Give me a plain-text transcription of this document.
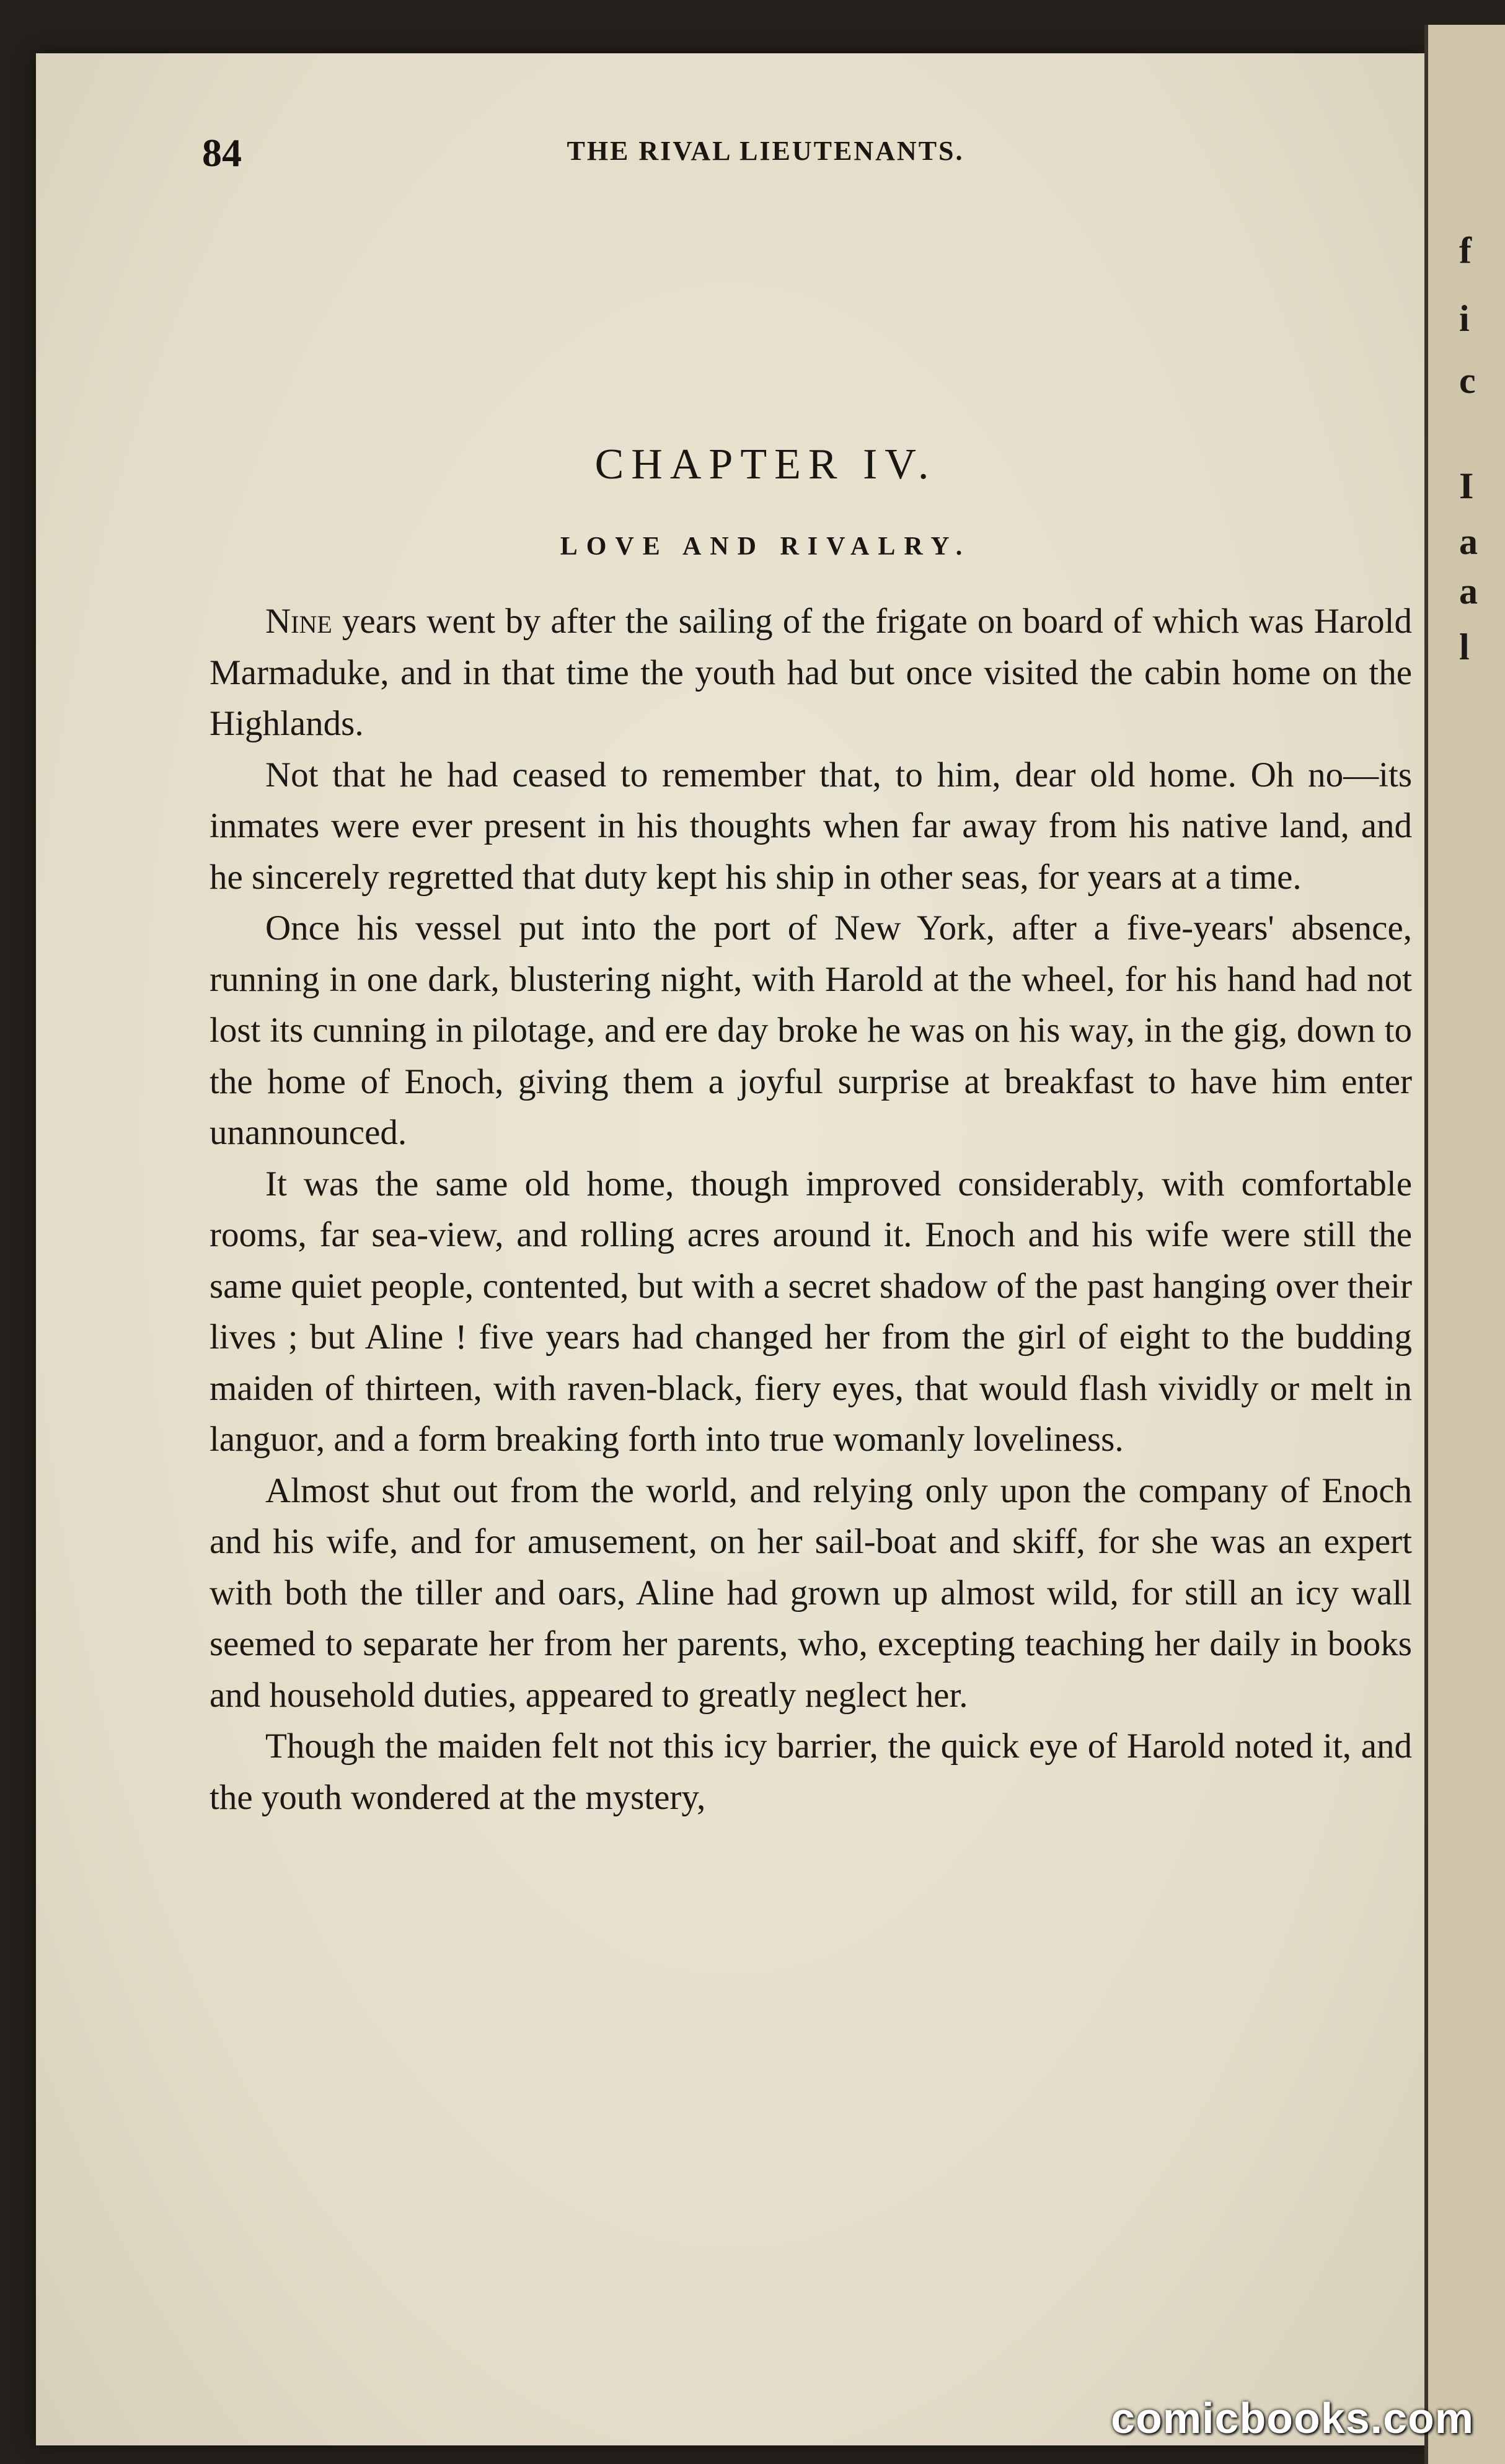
f
i
c
I
a
a
l
84	THE RIVAL LIEUTENANTS.
CHAPTER IV.
LOVE AND RIVALRY.

Nine years went by after the sailing of the frigate on board of which was Harold Marmaduke, and in that time the youth had but once visited the cabin home on the Highlands.

Not that he had ceased to remember that, to him, dear old home. Oh no—its inmates were ever present in his thoughts when far away from his native land, and he sincerely regretted that duty kept his ship in other seas, for years at a time.

Once his vessel put into the port of New York, after a five-years' absence, running in one dark, blustering night, with Harold at the wheel, for his hand had not lost its cunning in pilotage, and ere day broke he was on his way, in the gig, down to the home of Enoch, giving them a joyful surprise at breakfast to have him enter unannounced.

It was the same old home, though improved considerably, with comfortable rooms, far sea-view, and rolling acres around it. Enoch and his wife were still the same quiet people, contented, but with a secret shadow of the past hanging over their lives ; but Aline ! five years had changed her from the girl of eight to the budding maiden of thirteen, with raven-black, fiery eyes, that would flash vividly or melt in languor, and a form breaking forth into true womanly loveliness.

Almost shut out from the world, and relying only upon the company of Enoch and his wife, and for amusement, on her sail-boat and skiff, for she was an expert with both the tiller and oars, Aline had grown up almost wild, for still an icy wall seemed to separate her from her parents, who, excepting teaching her daily in books and household duties, appeared to greatly neglect her.

Though the maiden felt not this icy barrier, the quick eye of Harold noted it, and the youth wondered at the mystery,

comicbooks.com
